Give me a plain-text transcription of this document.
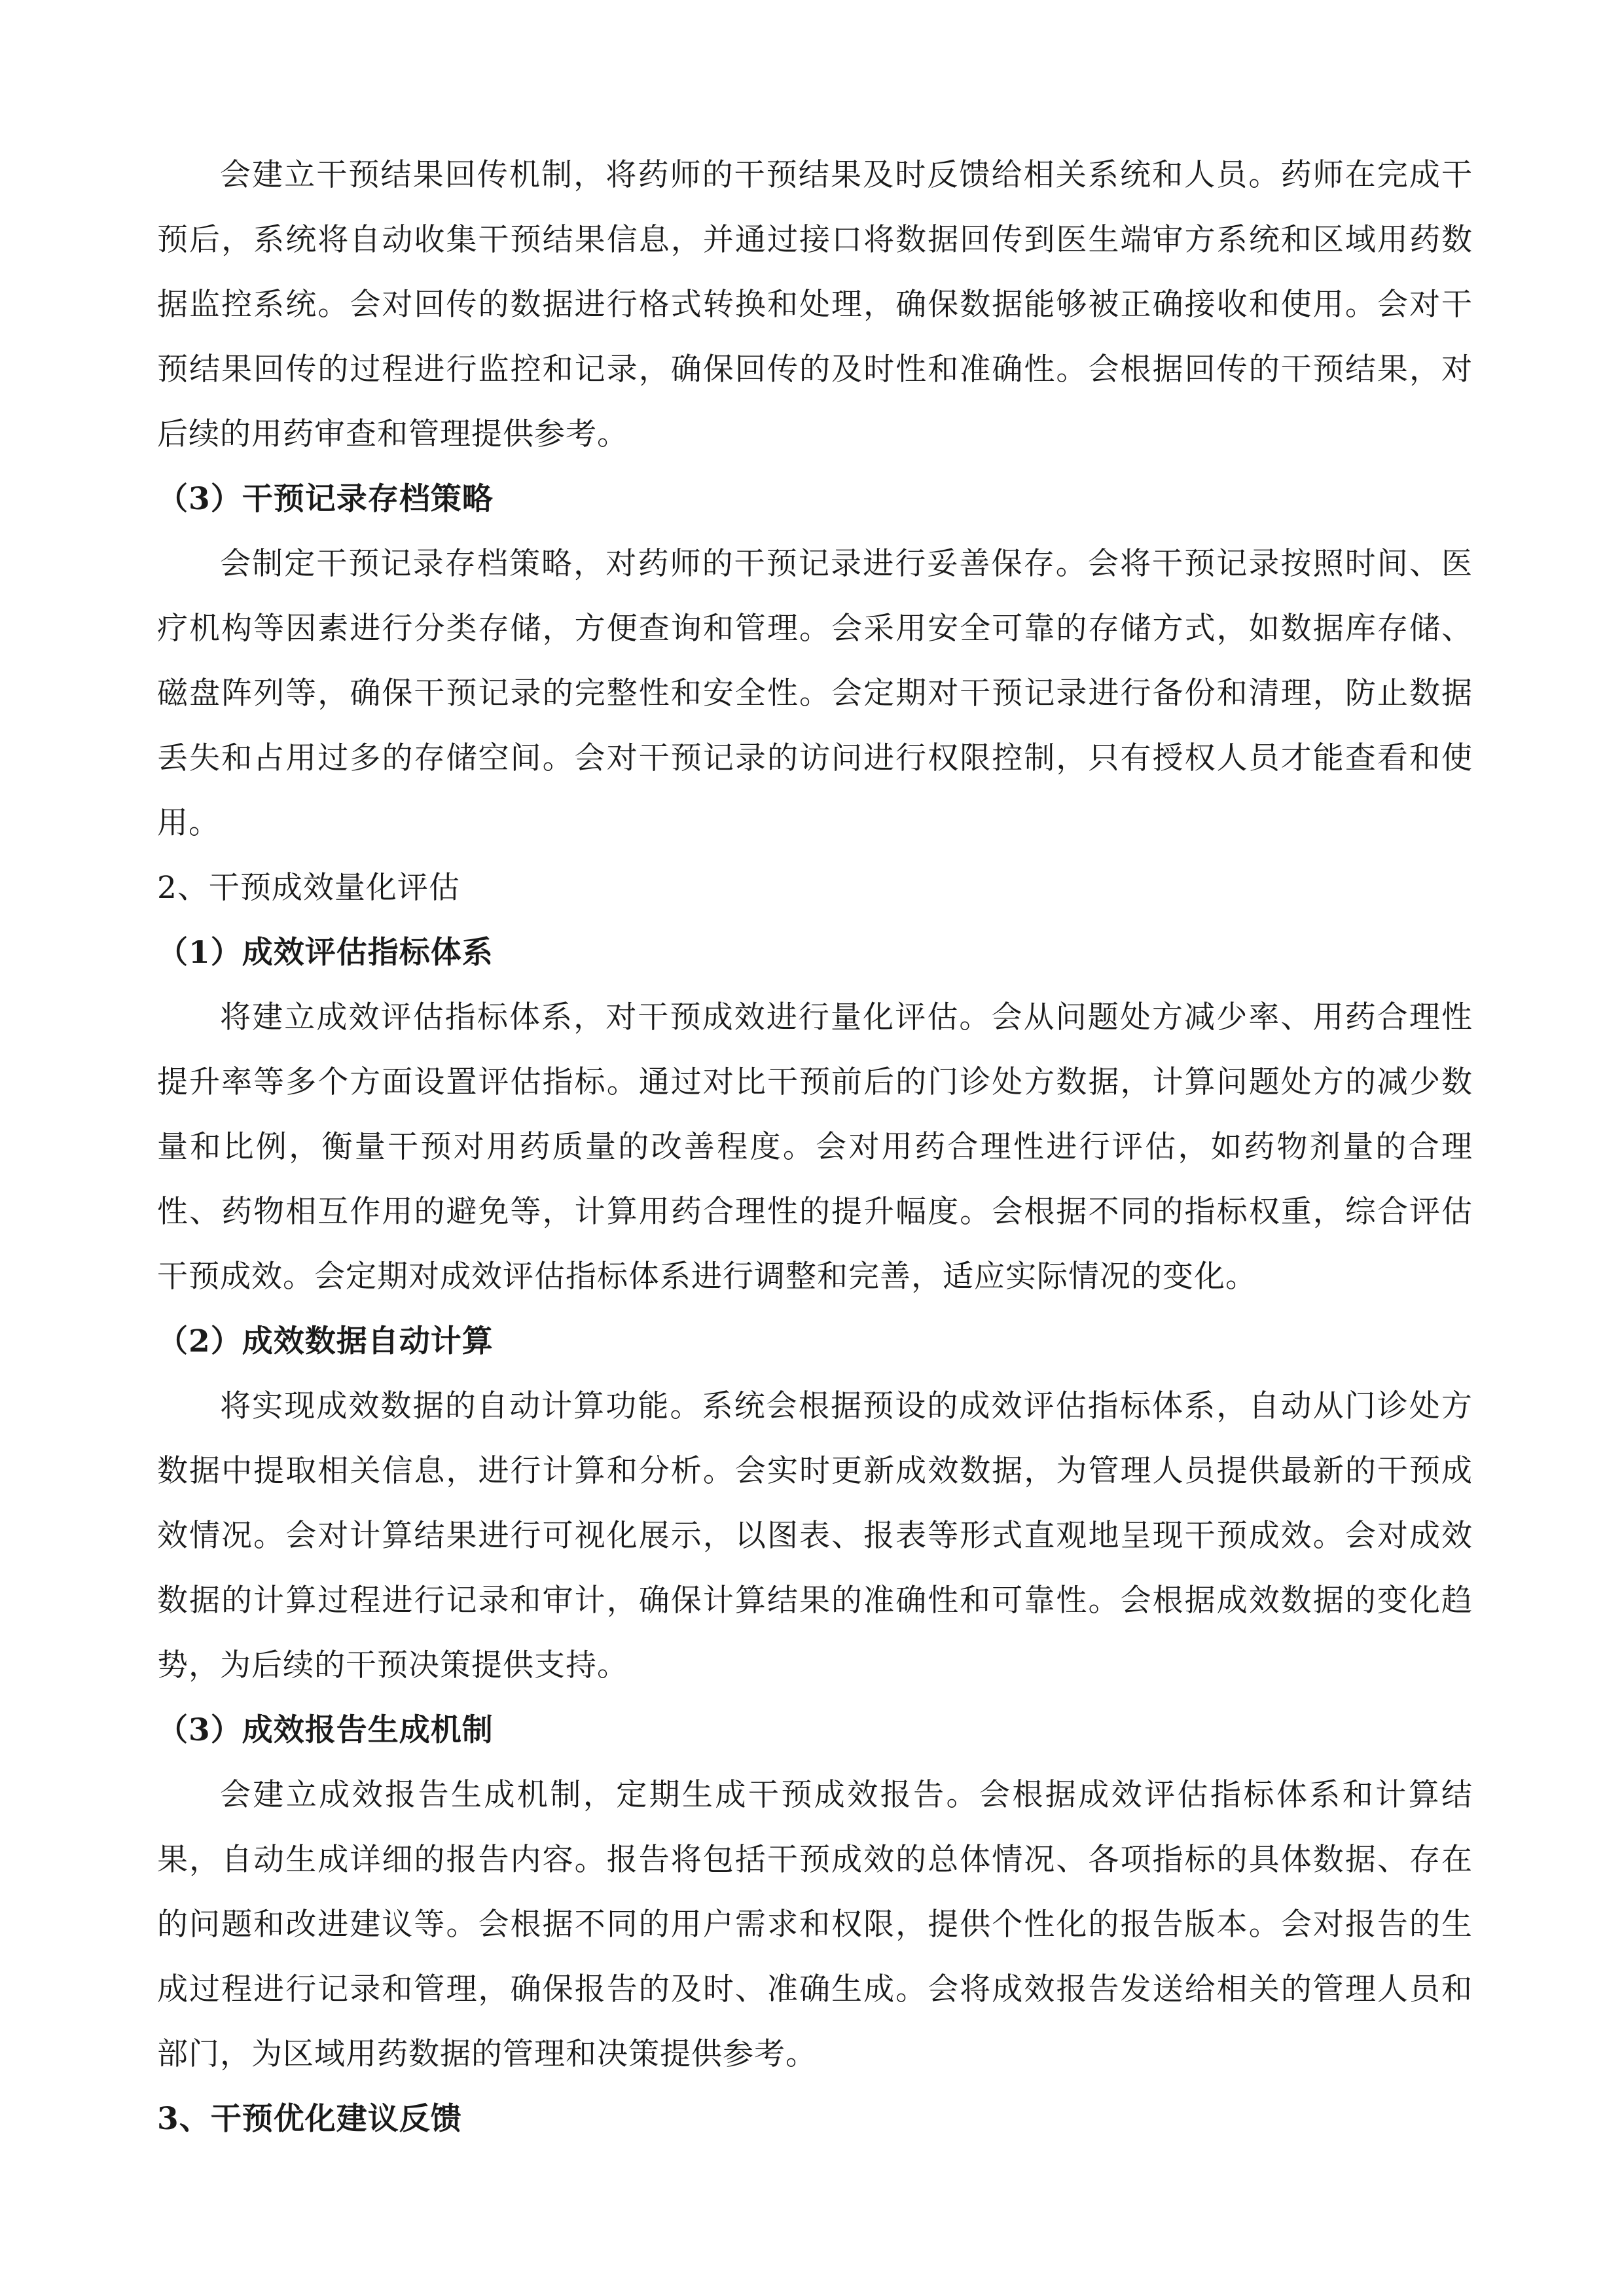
会建立干预结果回传机制，将药师的干预结果及时反馈给相关系统和人员。药师在完成干预后，系统将自动收集干预结果信息，并通过接口将数据回传到医生端审方系统和区域用药数据监控系统。会对回传的数据进行格式转换和处理，确保数据能够被正确接收和使用。会对干预结果回传的过程进行监控和记录，确保回传的及时性和准确性。会根据回传的干预结果，对后续的用药审查和管理提供参考。

（3）干预记录存档策略

会制定干预记录存档策略，对药师的干预记录进行妥善保存。会将干预记录按照时间、医疗机构等因素进行分类存储，方便查询和管理。会采用安全可靠的存储方式，如数据库存储、磁盘阵列等，确保干预记录的完整性和安全性。会定期对干预记录进行备份和清理，防止数据丢失和占用过多的存储空间。会对干预记录的访问进行权限控制，只有授权人员才能查看和使用。

2、干预成效量化评估

（1）成效评估指标体系

将建立成效评估指标体系，对干预成效进行量化评估。会从问题处方减少率、用药合理性提升率等多个方面设置评估指标。通过对比干预前后的门诊处方数据，计算问题处方的减少数量和比例，衡量干预对用药质量的改善程度。会对用药合理性进行评估，如药物剂量的合理性、药物相互作用的避免等，计算用药合理性的提升幅度。会根据不同的指标权重，综合评估干预成效。会定期对成效评估指标体系进行调整和完善，适应实际情况的变化。

（2）成效数据自动计算

将实现成效数据的自动计算功能。系统会根据预设的成效评估指标体系，自动从门诊处方数据中提取相关信息，进行计算和分析。会实时更新成效数据，为管理人员提供最新的干预成效情况。会对计算结果进行可视化展示，以图表、报表等形式直观地呈现干预成效。会对成效数据的计算过程进行记录和审计，确保计算结果的准确性和可靠性。会根据成效数据的变化趋势，为后续的干预决策提供支持。

（3）成效报告生成机制

会建立成效报告生成机制，定期生成干预成效报告。会根据成效评估指标体系和计算结果，自动生成详细的报告内容。报告将包括干预成效的总体情况、各项指标的具体数据、存在的问题和改进建议等。会根据不同的用户需求和权限，提供个性化的报告版本。会对报告的生成过程进行记录和管理，确保报告的及时、准确生成。会将成效报告发送给相关的管理人员和部门，为区域用药数据的管理和决策提供参考。

3、干预优化建议反馈
